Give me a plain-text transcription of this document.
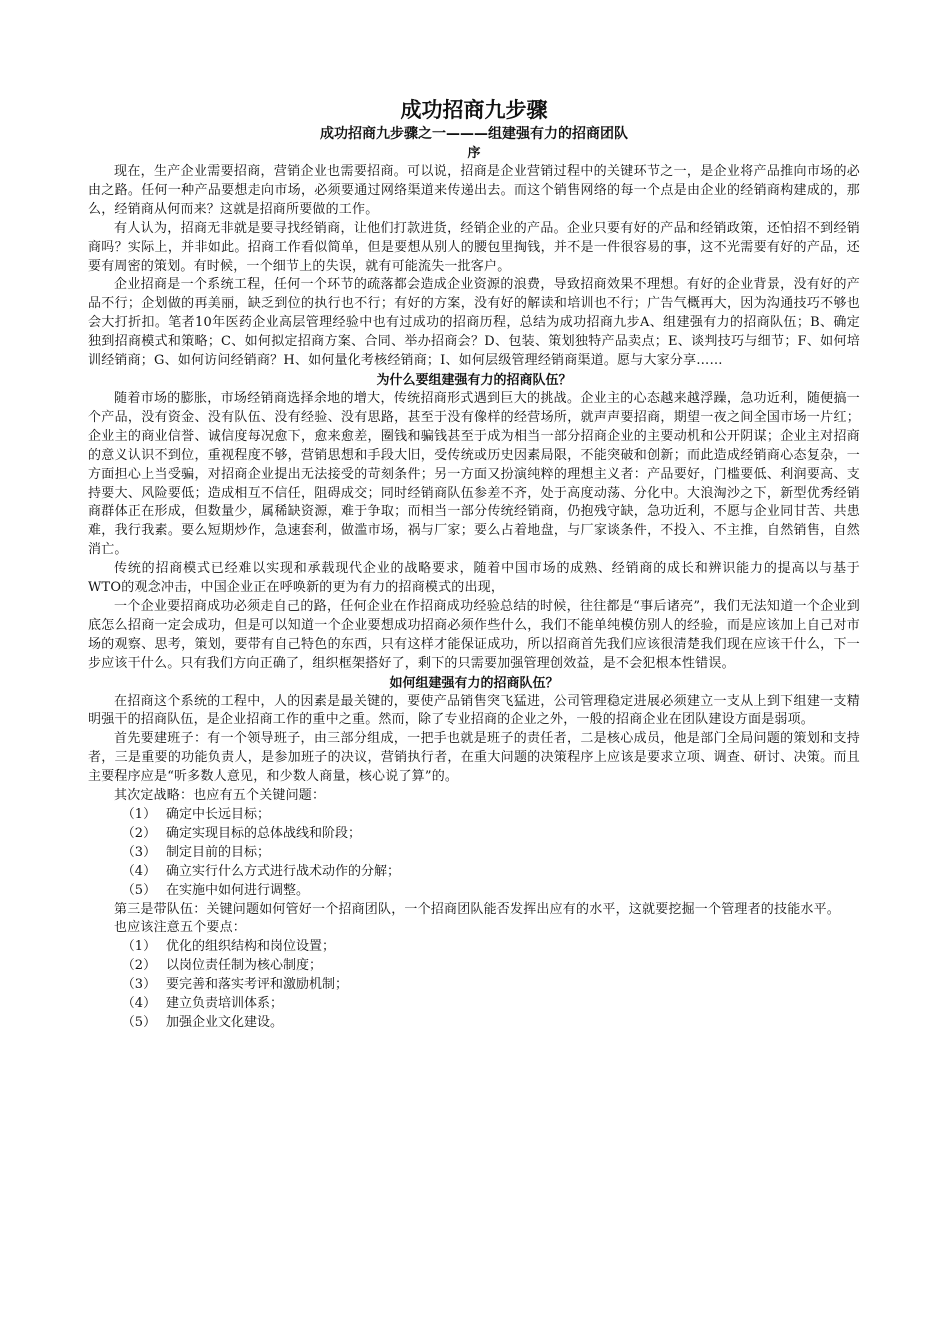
成功招商九步骤
成功招商九步骤之一———组建强有力的招商团队
序

现在，生产企业需要招商，营销企业也需要招商。可以说，招商是企业营销过程中的关键环节之一，是企业将产品推向市场的必由之路。任何一种产品要想走向市场，必须要通过网络渠道来传递出去。而这个销售网络的每一个点是由企业的经销商构建成的，那么，经销商从何而来？这就是招商所要做的工作。

有人认为，招商无非就是要寻找经销商，让他们打款进货，经销企业的产品。企业只要有好的产品和经销政策，还怕招不到经销商吗？实际上，并非如此。招商工作看似简单，但是要想从别人的腰包里掏钱，并不是一件很容易的事，这不光需要有好的产品，还要有周密的策划。有时候，一个细节上的失误，就有可能流失一批客户。

企业招商是一个系统工程，任何一个环节的疏落都会造成企业资源的浪费，导致招商效果不理想。有好的企业背景，没有好的产品不行；企划做的再美丽，缺乏到位的执行也不行；有好的方案，没有好的解读和培训也不行；广告气概再大，因为沟通技巧不够也会大打折扣。笔者10年医药企业高层管理经验中也有过成功的招商历程，总结为成功招商九步A、组建强有力的招商队伍；B、确定独到招商模式和策略；C、如何拟定招商方案、合同、举办招商会？D、包装、策划独特产品卖点；E、谈判技巧与细节；F、如何培训经销商；G、如何访问经销商？H、如何量化考核经销商；I、如何层级管理经销商渠道。愿与大家分享……

为什么要组建强有力的招商队伍？

随着市场的膨胀，市场经销商选择余地的增大，传统招商形式遇到巨大的挑战。企业主的心态越来越浮躁，急功近利，随便搞一个产品，没有资金、没有队伍、没有经验、没有思路，甚至于没有像样的经营场所，就声声要招商，期望一夜之间全国市场一片红；企业主的商业信誉、诚信度每况愈下，愈来愈差，圈钱和骗钱甚至于成为相当一部分招商企业的主要动机和公开阴谋；企业主对招商的意义认识不到位，重视程度不够，营销思想和手段大旧，受传统或历史因素局限，不能突破和创新；而此造成经销商心态复杂，一方面担心上当受骗，对招商企业提出无法接受的苛刻条件；另一方面又扮演纯粹的理想主义者：产品要好，门槛要低、利润要高、支持要大、风险要低；造成相互不信任，阻碍成交；同时经销商队伍参差不齐，处于高度动荡、分化中。大浪淘沙之下，新型优秀经销商群体正在形成，但数量少，属稀缺资源，难于争取；而相当一部分传统经销商，仍抱残守缺，急功近利，不愿与企业同甘苦、共患难，我行我素。要么短期炒作，急速套利，做滥市场，祸与厂家；要么占着地盘，与厂家谈条件，不投入、不主推，自然销售，自然消亡。

传统的招商模式已经难以实现和承载现代企业的战略要求，随着中国市场的成熟、经销商的成长和辨识能力的提高以与基于WTO的观念冲击，中国企业正在呼唤新的更为有力的招商模式的出现，

一个企业要招商成功必须走自己的路，任何企业在作招商成功经验总结的时候，往往都是“事后诸亮”，我们无法知道一个企业到底怎么招商一定会成功，但是可以知道一个企业要想成功招商必须作些什么，我们不能单纯模仿别人的经验，而是应该加上自己对市场的观察、思考，策划，要带有自己特色的东西，只有这样才能保证成功，所以招商首先我们应该很清楚我们现在应该干什么，下一步应该干什么。只有我们方向正确了，组织框架搭好了，剩下的只需要加强管理创效益，是不会犯根本性错误。

如何组建强有力的招商队伍？

在招商这个系统的工程中，人的因素是最关键的，要使产品销售突飞猛进，公司管理稳定进展必须建立一支从上到下组建一支精明强干的招商队伍，是企业招商工作的重中之重。然而，除了专业招商的企业之外，一般的招商企业在团队建设方面是弱项。

首先要建班子：有一个领导班子，由三部分组成，一把手也就是班子的责任者，二是核心成员，他是部门全局问题的策划和支持者，三是重要的功能负责人，是参加班子的决议，营销执行者，在重大问题的决策程序上应该是要求立项、调查、研讨、决策。而且主要程序应是“听多数人意见，和少数人商量，核心说了算”的。

其次定战略：也应有五个关键问题：

（1） 确定中长远目标；

（2） 确定实现目标的总体战线和阶段；

（3） 制定目前的目标；

（4） 确立实行什么方式进行战术动作的分解；

（5） 在实施中如何进行调整。

第三是带队伍：关键问题如何管好一个招商团队，一个招商团队能否发挥出应有的水平，这就要挖掘一个管理者的技能水平。

也应该注意五个要点：

（1） 优化的组织结构和岗位设置；

（2） 以岗位责任制为核心制度；

（3） 要完善和落实考评和激励机制；

（4） 建立负责培训体系；

（5） 加强企业文化建设。
